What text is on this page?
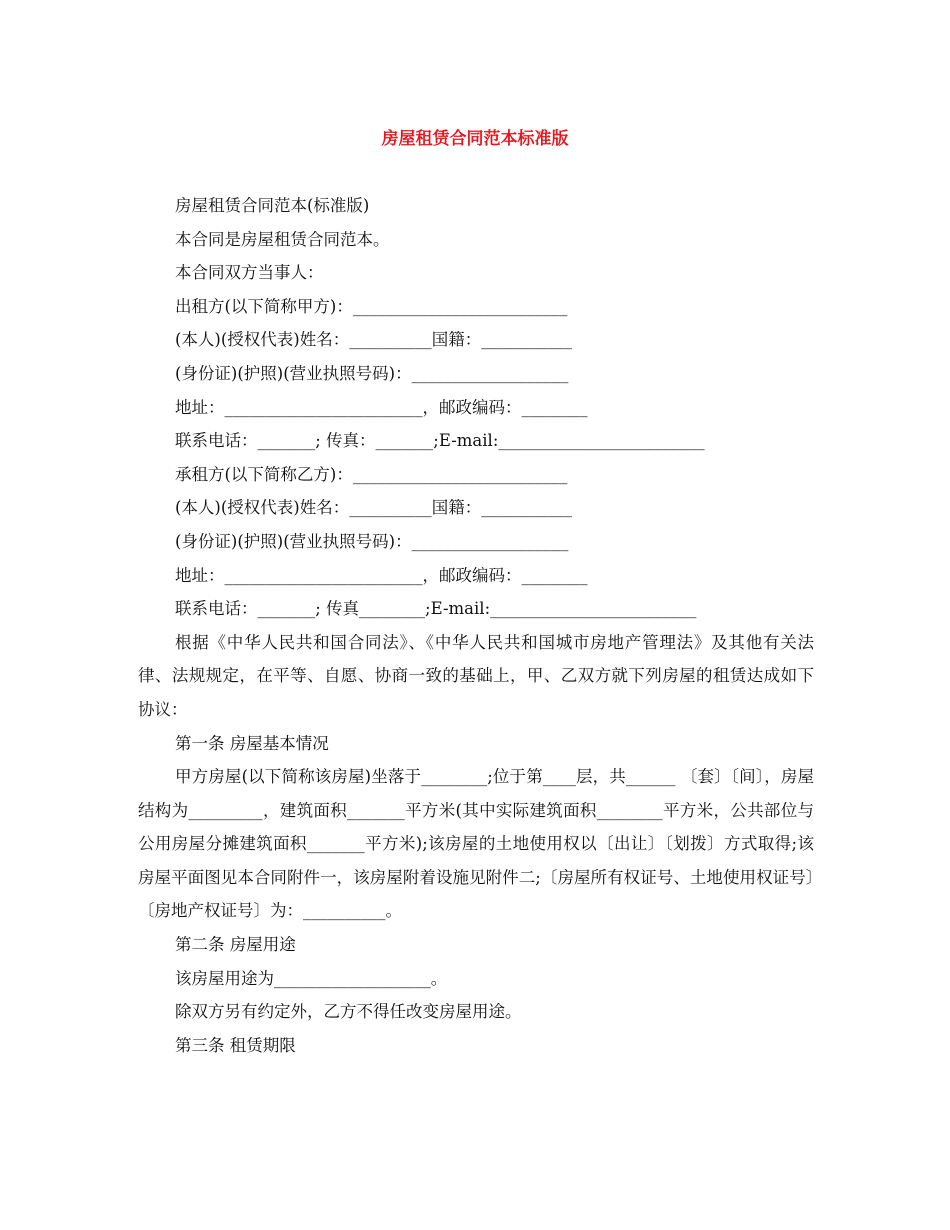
房屋租赁合同范本标准版

房屋租赁合同范本(标准版)

本合同是房屋租赁合同范本。

本合同双方当事人：

出租方(以下简称甲方)：__________________________

(本人)(授权代表)姓名：__________国籍：___________

(身份证)(护照)(营业执照号码)：___________________

地址：________________________，邮政编码：________

联系电话：_______; 传真：_______;E-mail:_________________________

承租方(以下简称乙方)：__________________________

(本人)(授权代表)姓名：__________国籍：___________

(身份证)(护照)(营业执照号码)：___________________

地址：________________________，邮政编码：________

联系电话：_______; 传真________;E-mail:_________________________

根据《中华人民共和国合同法》、《中华人民共和国城市房地产管理法》及其他有关法律、法规规定，在平等、自愿、协商一致的基础上，甲、乙双方就下列房屋的租赁达成如下协议：

第一条 房屋基本情况

甲方房屋(以下简称该房屋)坐落于________;位于第____层，共______ 〔套〕〔间〕，房屋结构为_________，建筑面积_______平方米(其中实际建筑面积________平方米，公共部位与公用房屋分摊建筑面积_______平方米);该房屋的土地使用权以〔出让〕〔划拨〕方式取得;该房屋平面图见本合同附件一，该房屋附着设施见附件二;〔房屋所有权证号、土地使用权证号〕〔房地产权证号〕为：__________。

第二条 房屋用途

该房屋用途为___________________。

除双方另有约定外，乙方不得任改变房屋用途。

第三条 租赁期限
